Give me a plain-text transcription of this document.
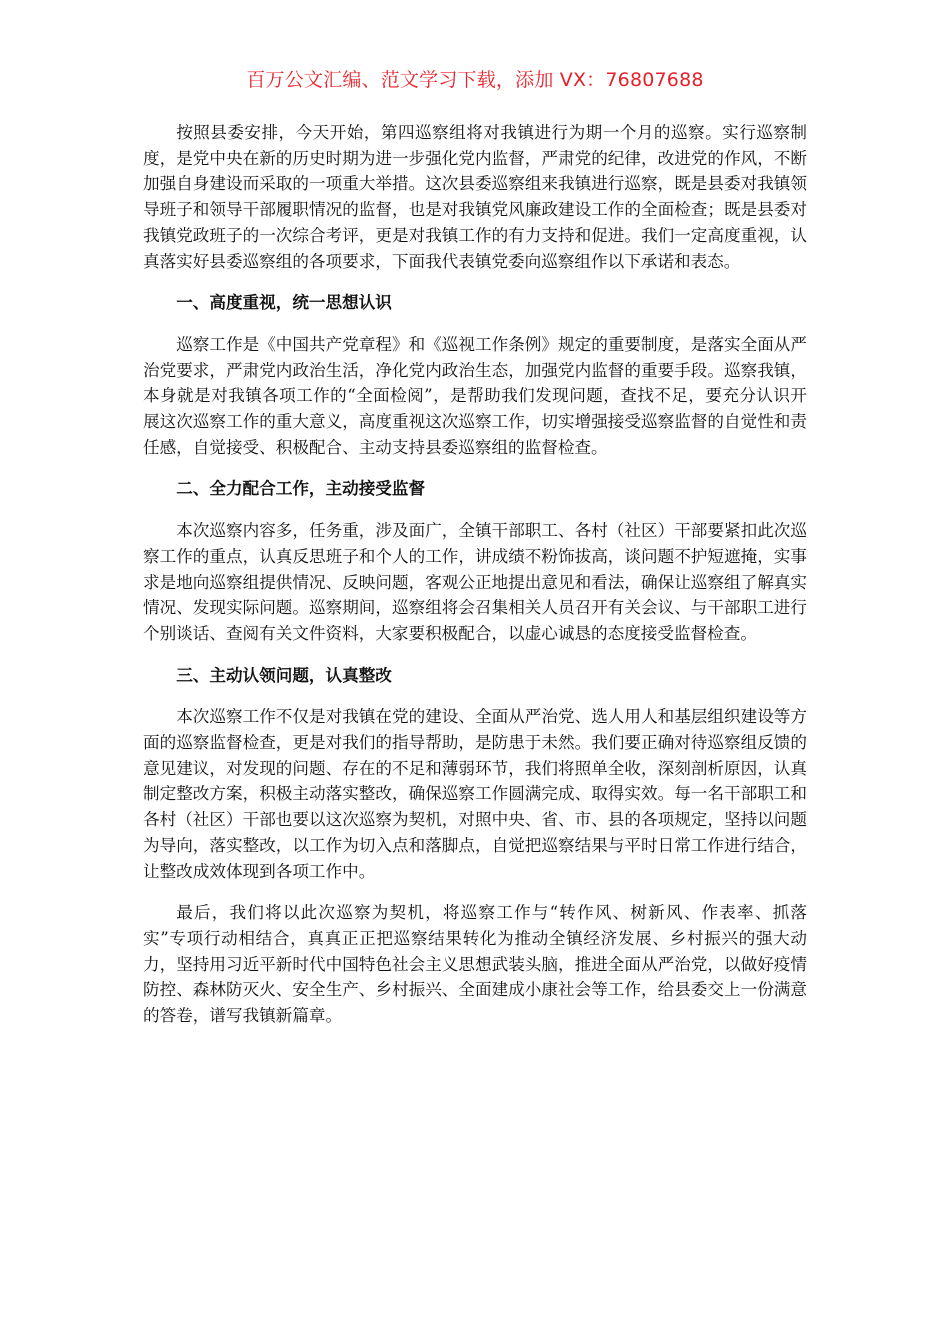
百万公文汇编、范文学习下载，添加 VX：76807688

按照县委安排，今天开始，第四巡察组将对我镇进行为期一个月的巡察。实行巡察制度，是党中央在新的历史时期为进一步强化党内监督，严肃党的纪律，改进党的作风，不断加强自身建设而采取的一项重大举措。这次县委巡察组来我镇进行巡察，既是县委对我镇领导班子和领导干部履职情况的监督，也是对我镇党风廉政建设工作的全面检查；既是县委对我镇党政班子的一次综合考评，更是对我镇工作的有力支持和促进。我们一定高度重视，认真落实好县委巡察组的各项要求，下面我代表镇党委向巡察组作以下承诺和表态。

一、高度重视，统一思想认识

巡察工作是《中国共产党章程》和《巡视工作条例》规定的重要制度，是落实全面从严治党要求，严肃党内政治生活，净化党内政治生态，加强党内监督的重要手段。巡察我镇，本身就是对我镇各项工作的“全面检阅”，是帮助我们发现问题，查找不足，要充分认识开展这次巡察工作的重大意义，高度重视这次巡察工作，切实增强接受巡察监督的自觉性和责任感，自觉接受、积极配合、主动支持县委巡察组的监督检查。

二、全力配合工作，主动接受监督

本次巡察内容多，任务重，涉及面广，全镇干部职工、各村（社区）干部要紧扣此次巡察工作的重点，认真反思班子和个人的工作，讲成绩不粉饰拔高，谈问题不护短遮掩，实事求是地向巡察组提供情况、反映问题，客观公正地提出意见和看法，确保让巡察组了解真实情况、发现实际问题。巡察期间，巡察组将会召集相关人员召开有关会议、与干部职工进行个别谈话、查阅有关文件资料，大家要积极配合，以虚心诚恳的态度接受监督检查。

三、主动认领问题，认真整改

本次巡察工作不仅是对我镇在党的建设、全面从严治党、选人用人和基层组织建设等方面的巡察监督检查，更是对我们的指导帮助，是防患于未然。我们要正确对待巡察组反馈的意见建议，对发现的问题、存在的不足和薄弱环节，我们将照单全收，深刻剖析原因，认真制定整改方案，积极主动落实整改，确保巡察工作圆满完成、取得实效。每一名干部职工和各村（社区）干部也要以这次巡察为契机，对照中央、省、市、县的各项规定，坚持以问题为导向，落实整改，以工作为切入点和落脚点，自觉把巡察结果与平时日常工作进行结合，让整改成效体现到各项工作中。

最后，我们将以此次巡察为契机，将巡察工作与“转作风、树新风、作表率、抓落实”专项行动相结合，真真正正把巡察结果转化为推动全镇经济发展、乡村振兴的强大动力，坚持用习近平新时代中国特色社会主义思想武装头脑，推进全面从严治党，以做好疫情防控、森林防灭火、安全生产、乡村振兴、全面建成小康社会等工作，给县委交上一份满意的答卷，谱写我镇新篇章。
